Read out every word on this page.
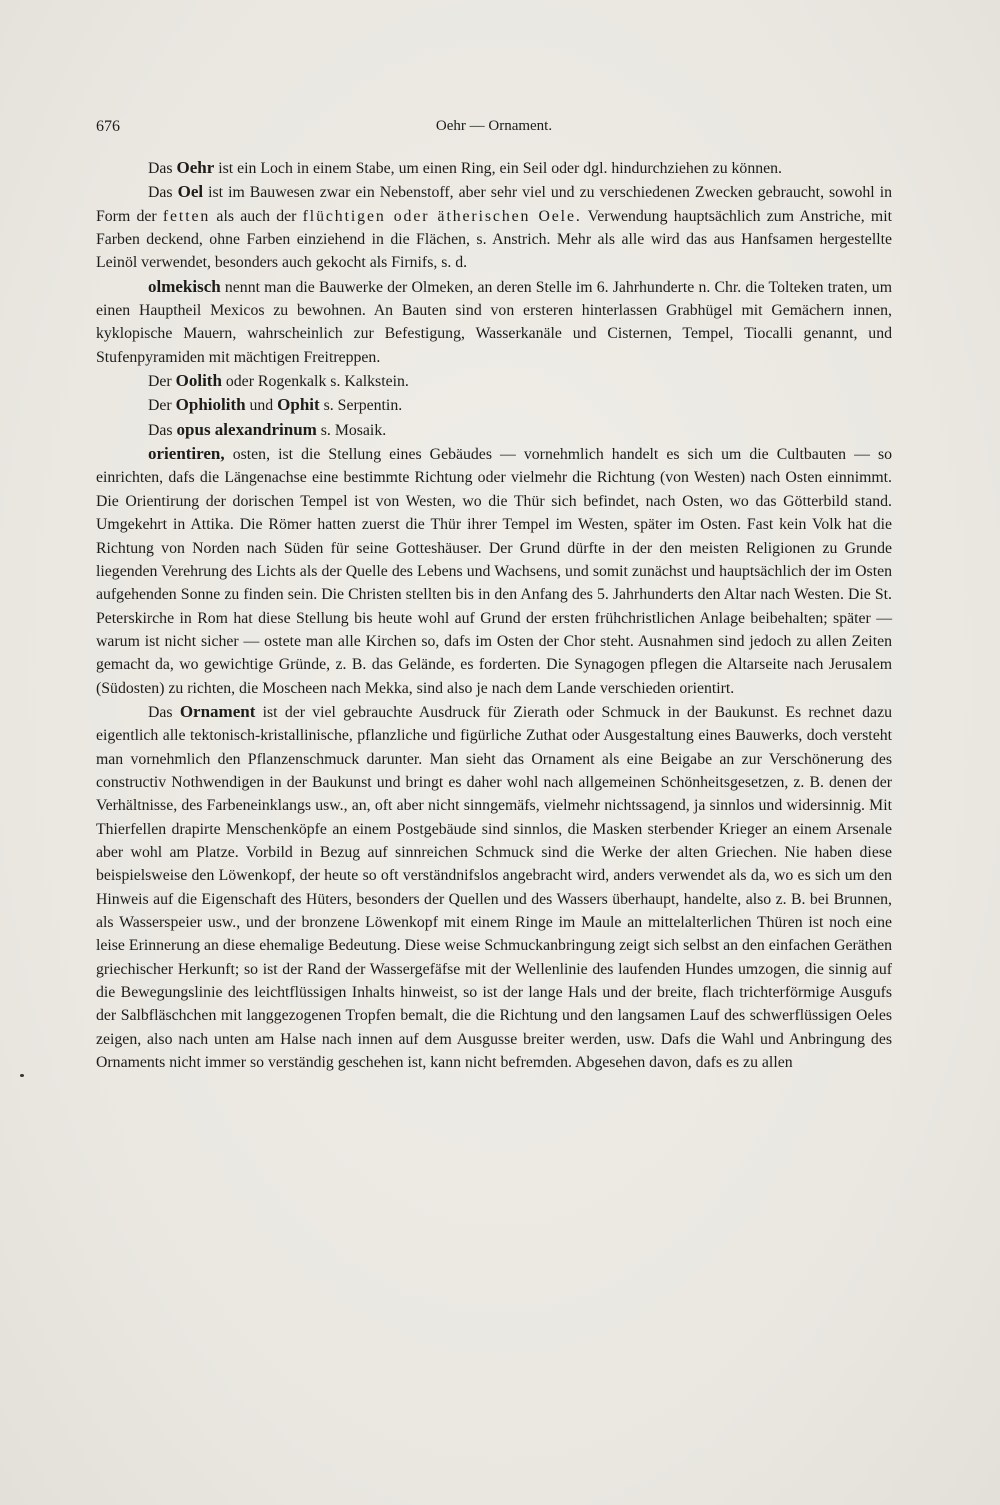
676	Oehr — Ornament.

Das Oehr ist ein Loch in einem Stabe, um einen Ring, ein Seil oder dgl. hindurchziehen zu können.

Das Oel ist im Bauwesen zwar ein Nebenstoff, aber sehr viel und zu verschiedenen Zwecken gebraucht, sowohl in Form der fetten als auch der flüchtigen oder ätherischen Oele. Verwendung hauptsächlich zum Anstriche, mit Farben deckend, ohne Farben einziehend in die Flächen, s. Anstrich. Mehr als alle wird das aus Hanfsamen hergestellte Leinöl verwendet, besonders auch gekocht als Firnifs, s. d.

olmekisch nennt man die Bauwerke der Olmeken, an deren Stelle im 6. Jahrhunderte n. Chr. die Tolteken traten, um einen Hauptheil Mexicos zu bewohnen. An Bauten sind von ersteren hinterlassen Grabhügel mit Gemächern innen, kyklopische Mauern, wahrscheinlich zur Befestigung, Wasserkanäle und Cisternen, Tempel, Tiocalli genannt, und Stufenpyramiden mit mächtigen Freitreppen.

Der Oolith oder Rogenkalk s. Kalkstein.

Der Ophiolith und Ophit s. Serpentin.

Das opus alexandrinum s. Mosaik.

orientiren, osten, ist die Stellung eines Gebäudes — vornehmlich handelt es sich um die Cultbauten — so einrichten, dafs die Längenachse eine bestimmte Richtung oder vielmehr die Richtung (von Westen) nach Osten einnimmt. Die Orientirung der dorischen Tempel ist von Westen, wo die Thür sich befindet, nach Osten, wo das Götterbild stand. Umgekehrt in Attika. Die Römer hatten zuerst die Thür ihrer Tempel im Westen, später im Osten. Fast kein Volk hat die Richtung von Norden nach Süden für seine Gotteshäuser. Der Grund dürfte in der den meisten Religionen zu Grunde liegenden Verehrung des Lichts als der Quelle des Lebens und Wachsens, und somit zunächst und hauptsächlich der im Osten aufgehenden Sonne zu finden sein. Die Christen stellten bis in den Anfang des 5. Jahrhunderts den Altar nach Westen. Die St. Peterskirche in Rom hat diese Stellung bis heute wohl auf Grund der ersten frühchristlichen Anlage beibehalten; später — warum ist nicht sicher — ostete man alle Kirchen so, dafs im Osten der Chor steht. Ausnahmen sind jedoch zu allen Zeiten gemacht da, wo gewichtige Gründe, z. B. das Gelände, es forderten. Die Synagogen pflegen die Altarseite nach Jerusalem (Südosten) zu richten, die Moscheen nach Mekka, sind also je nach dem Lande verschieden orientirt.

Das Ornament ist der viel gebrauchte Ausdruck für Zierath oder Schmuck in der Baukunst. Es rechnet dazu eigentlich alle tektonisch-kristallinische, pflanzliche und figürliche Zuthat oder Ausgestaltung eines Bauwerks, doch versteht man vornehmlich den Pflanzenschmuck darunter. Man sieht das Ornament als eine Beigabe an zur Verschönerung des constructiv Nothwendigen in der Baukunst und bringt es daher wohl nach allgemeinen Schönheitsgesetzen, z. B. denen der Verhältnisse, des Farbeneinklangs usw., an, oft aber nicht sinngemäfs, vielmehr nichtssagend, ja sinnlos und widersinnig. Mit Thierfellen drapirte Menschenköpfe an einem Postgebäude sind sinnlos, die Masken sterbender Krieger an einem Arsenale aber wohl am Platze. Vorbild in Bezug auf sinnreichen Schmuck sind die Werke der alten Griechen. Nie haben diese beispielsweise den Löwenkopf, der heute so oft verständnifslos angebracht wird, anders verwendet als da, wo es sich um den Hinweis auf die Eigenschaft des Hüters, besonders der Quellen und des Wassers überhaupt, handelte, also z. B. bei Brunnen, als Wasserspeier usw., und der bronzene Löwenkopf mit einem Ringe im Maule an mittelalterlichen Thüren ist noch eine leise Erinnerung an diese ehemalige Bedeutung. Diese weise Schmuckanbringung zeigt sich selbst an den einfachen Geräthen griechischer Herkunft; so ist der Rand der Wassergefäfse mit der Wellenlinie des laufenden Hundes umzogen, die sinnig auf die Bewegungslinie des leichtflüssigen Inhalts hinweist, so ist der lange Hals und der breite, flach trichterförmige Ausgufs der Salbfläschchen mit langgezogenen Tropfen bemalt, die die Richtung und den langsamen Lauf des schwerflüssigen Oeles zeigen, also nach unten am Halse nach innen auf dem Ausgusse breiter werden, usw. Dafs die Wahl und Anbringung des Ornaments nicht immer so verständig geschehen ist, kann nicht befremden. Abgesehen davon, dafs es zu allen
